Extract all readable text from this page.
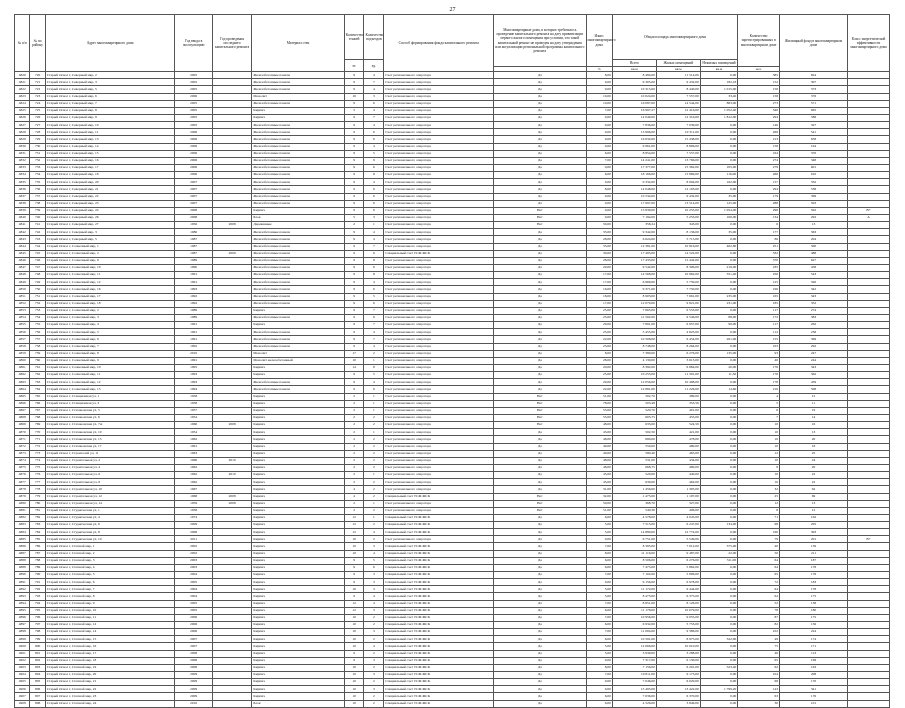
27
№ п/п	№ по району	Адрес многоквартирного дома	Год ввода в эксплуатацию	Год проведения последнего капитального ремонта	Материал стен	Количество этажей	Количество подъездов	Способ формирования фонда капитального ремонта	Многоквартирные дома, в которых требовалось проведение капитального ремонта на дату приватизации первого жилого помещения при условии, что такой капитальный ремонт не проведен на дату утверждения или актуализации региональной программы капитального ремонта	Износ многоквартирного дома	Общая площадь многоквартирного дома			Количество зарегистрированных в многоквартирном доме	Жилищный фонд в многоквартирном доме	Класс энергетической эффективности многоквартирного дома
						эт.	ед.				Всего	Жилых помещений	Нежилых помещений			
										%	кв.м	кв.м	кв.м	чел.		
4820	720	Старый Оскол г, Северный мкр, 2	2005		Железобетонные панели	9	4	Счет регионального оператора	Да	8,00	8 484,00	11 514,00	0,00	385	824	
4821	721	Старый Оскол г, Северный мкр, 3	2005		Железобетонные панели	9	7	Счет регионального оператора	Да	9,00	9 305,00	9 432,00	182,18	152	307	
4822	722	Старый Оскол г, Северный мкр, 5	2005		Железобетонные панели	9	4	Счет регионального оператора	Да	9,00	10 315,00	8 440,00	1 015,00	158	373	
4823	723	Старый Оскол г, Северный мкр, 6	2006		Монолит	16	3	Счет регионального оператора	Да	10,00	10 024,00	7 557,00	33,40	158	376	
4824	724	Старый Оскол г, Северный мкр, 7	2005		Железобетонные панели	9	6	Счет регионального оператора	Да	10,00	16 087,00	14 544,00	883,00	273	571	
4825	725	Старый Оскол г, Северный мкр, 8	2005		Кирпич	5	4	Счет регионального оператора	Да	7,00	16 997,27	12 416,00	1 052,40	340	665	
4826	726	Старый Оскол г, Северный мкр, 9	2005		Кирпич	9	7	Счет регионального оператора	Да	0,00	14 049,00	12 316,00	1 812,00	294	588	
4827	727	Старый Оскол г, Северный мкр, 10	2005		Железобетонные панели	9	4	Счет регионального оператора	Да	9,00	7 836,00	7 039,00	0,00	146	327	
4828	728	Старый Оскол г, Северный мкр, 11	2006		Железобетонные панели	9	6	Счет регионального оператора	Да	0,00	13 996,00	10 311,00	0,00	269	541	
4829	729	Старый Оскол г, Северный мкр, 13	2006		Железобетонные панели	9	6	Счет регионального оператора	Да	9,00	16 632,00	15 438,00	0,00	213	658	
4830	730	Старый Оскол г, Северный мкр, 14	2006		Железобетонные панели	9	4	Счет регионального оператора	Да	0,00	9 961,00	8 806,00	0,00	158	194	
4831	731	Старый Оскол г, Северный мкр, 15	2006		Железобетонные панели	9	5	Счет регионального оператора	Да	6,00	8 854,00	7 557,00	0,00	164	370	
4832	732	Старый Оскол г, Северный мкр, 16	2006		Железобетонные панели	9	9	Счет регионального оператора	Да	7,00	14 241,00	13 766,00	0,00	274	348	
4833	733	Старый Оскол г, Северный мкр, 17	2006		Железобетонные панели	9	6	Счет регионального оператора	Да	0,00	17 377,00	15 362,00	105,00	279	601	
4834	734	Старый Оскол г, Северный мкр, 18	2006		Железобетонные панели	9	8	Счет регионального оператора	Да	6,00	18 166,00	15 869,00	116,00	260	610	
4835	735	Старый Оскол г, Северный мкр, 20	2007		Железобетонные панели	9	4	Счет регионального оператора	Да	0,00	9 332,00	8 004,00	162,00	157	332	
4836	736	Старый Оскол г, Северный мкр, 21	2007		Железобетонные панели	9	6	Счет регионального оператора	Да	8,00	14 048,00	12 103,00	0,00	294	538	
4837	737	Старый Оскол г, Северный мкр, 22	2007		Железобетонные панели	9	6	Счет регионального оператора	Да	0,00	10 534,00	9 432,00	35,00	179	369	
4838	738	Старый Оскол г, Северный мкр, 23	2007		Железобетонные панели	9	6	Счет регионального оператора	Да	0,00	17 697,00	13 514,00	125,00	288	593	
4839	739	Старый Оскол г, Северный мкр, 24	2008		Кирпич	9	6	Счет регионального оператора	Нет	0,00	15 839,00	10 255,00	1 954,00	296	592	В+
4840	740	Старый Оскол г, Северный мкр, 26	2008		Блок	5	3	Счет регионального оператора	Нет	0,00	7 194,00	5 253,00	100,00	134	292	А
4841	741	Старый Оскол г, Северный мкр, 27	1956	2008	Деревянные	2	1	Счет регионального оператора	Нет	50,00	358,24	343,00	0,00	6	13	
4842	742	Старый Оскол г, Северный мкр, 3	1986		Железобетонные панели	9	4	Счет регионального оператора	Да	35,00	9 342,00	8 136,00	35,00	177	363	
4843	743	Старый Оскол г, Северный мкр, 5	1987		Железобетонные панели	9	4	Счет регионального оператора	Да	28,00	6 624,00	5 715,00	0,00	86	204	
4844	744	Старый Оскол г, Солнечный мкр, 1	1987		Железобетонные панели	9	7	Счет регионального оператора	Да	35,00	12 381,00	10 816,00	462,80	251	500	
4845	745	Старый Оскол г, Солнечный мкр, 2	1987	2009	Железобетонные панели	9	6	Специальный счет ТСЖ ЖСК	Да	30,00	17 495,00	14 522,00	0,00	332	488	
4846	746	Старый Оскол г, Солнечный мкр, 6	1989		Железобетонные панели	9	8	Счет регионального оператора	Да	28,00	17 433,00	15 442,00	0,00	370	627	
4847	747	Старый Оскол г, Солнечный мкр, 10	1990		Железобетонные панели	9	6	Счет регионального оператора	Да	20,00	9 542,00	8 306,00	219,00	185	458	
4848	748	Старый Оскол г, Солнечный мкр, 11	1991		Железобетонные панели	9	8	Счет регионального оператора	Да	17,00	14 568,00	10 962,00	351,40	250	543	
4849	749	Старый Оскол г, Солнечный мкр, 12	1991		Железобетонные панели	9	4	Счет регионального оператора	Да	17,00	6 969,00	5 759,00	0,00	125	320	
4850	750	Старый Оскол г, Солнечный мкр, 16	1993		Железобетонные панели	9	6	Счет регионального оператора	Да	16,00	9 371,00	7 750,00	0,00	196	342	
4851	751	Старый Оскол г, Солнечный мкр, 17	1992		Железобетонные панели	9	5	Счет регионального оператора	Да	18,00	8 903,00	7 661,00	235,00	165	343	
4852	752	Старый Оскол г, Солнечный мкр, 18	1992		Железобетонные панели	9	6	Счет регионального оператора	Да	17,00	12 070,00	9 821,00	231,00	185	352	
4853	753	Старый Оскол г, Солнечный мкр, 2	1989		Кирпич	9	7	Счет регионального оператора	Да	25,00	7 665,00	6 553,00	0,00	117	274	
4854	754	Старый Оскол г, Солнечный мкр, 3	1989		Железобетонные панели	9	6	Счет регионального оператора	Да	25,00	11 502,00	9 546,00	88,00	172	383	
4855	755	Старый Оскол г, Солнечный мкр, 4	1991		Кирпич	9	7	Счет регионального оператора	Да	20,00	7 891,00	6 957,00	99,00	117	262	
4856	756	Старый Оскол г, Солнечный мкр, 5	1991		Железобетонные панели	9	4	Счет регионального оператора	Да	25,00	5 455,00	4 825,00	0,00	112	238	
4857	757	Старый Оскол г, Солнечный мкр, 6	1991		Железобетонные панели	9	7	Счет регионального оператора	Да	22,00	10 508,00	9 454,00	261,00	155	369	
4858	758	Старый Оскол г, Солнечный мкр, 7	1992		Железобетонные панели	9	4	Счет регионального оператора	Да	23,00	8 748,00	8 264,00	0,00	163	292	
4859	759	Старый Оскол г, Солнечный мкр, 8	2010		Монолит	17	2	Счет регионального оператора	Да	8,00	7 380,00	6 276,00	135,00	93	247	
4860	760	Старый Оскол г, Солнечный мкр, 9	1991		Монолит железобетонный	10	1	Счет регионального оператора	Да	28,00	4 130,00	3 613,00	0,00	40	244	
4861	761	Старый Оскол г, Солнечный мкр, 10	1995		Кирпич	14	8	Счет регионального оператора	Да	20,00	8 392,00	6 864,00	20,00	176	343	
4862	762	Старый Оскол г, Солнечный мкр, 11	1993		Кирпич	9	5	Счет регионального оператора	Да	25,00	10 253,00	11 301,00	11,30	176	362	
4863	763	Старый Оскол г, Солнечный мкр, 12	1993		Железобетонные панели	9	4	Счет регионального оператора	Да	20,00	12 056,00	10 498,00	0,00	178	459	
4864	764	Старый Оскол г, Солнечный мкр, 15	1994		Железобетонные панели	9	6	Счет регионального оператора	Да	22,00	12 881,00	11 226,00	14,60	216	508	
4865	765	Старый Оскол г, Станционная ул, 1	1958		Кирпич	2	1	Счет регионального оператора	Нет	51,00	502,70	389,00	0,00	4	12	
4866	766	Старый Оскол г, Станционная ул, 3	1958		Кирпич	2	1	Счет регионального оператора	Нет	78,00	503,48	353,56	0,00	5	11	
4867	767	Старый Оскол г, Стахановская ул, 5	1957		Кирпич	2	1	Счет регионального оператора	Нет	53,00	520,70	401,00	0,00	6	19	
4868	768	Старый Оскол г, Стахановская ул, 6	1954		Кирпич	2	2	Счет регионального оператора	Нет	55,00	603,75	455,00	0,00	7	14	
4869	769	Старый Оскол г, Стахановская ул, 7А	1960	2008	Кирпич	2	2	Счет регионального оператора	Нет	48,00	633,00	524,50	0,00	10	16	
4870	770	Старый Оскол г, Стахановская ул, 10	1954		Кирпич	2	1	Счет регионального оператора	Да	45,00	502,50	421,00	0,00	10	13	
4871	771	Старый Оскол г, Стахановская ул, 15	1962		Кирпич	2	2	Счет регионального оператора	Да	48,00	680,00	478,00	0,00	10	20	
4872	772	Старый Оскол г, Стахановская ул, 17	1961		Кирпич	2	2	Счет регионального оператора	Да	49,00	550,00	480,00	0,00	10	18	
4873	773	Старый Оскол г, Строителей ул, 11	1963		Кирпич	2	2	Счет регионального оператора	Да	40,00	580,40	465,00	0,00	12	25	
4874	774	Старый Оскол г, Строительная ул, 2	1960	2010	Кирпич	2	2	Счет регионального оператора	Да	48,00	531,00	434,00	0,00	10	24	
4875	775	Старый Оскол г, Строительная ул, 4	1962		Кирпич	2	2	Счет регионального оператора	Да	48,00	668,75	480,00	0,00	9	20	
4876	776	Старый Оскол г, Строительная ул, 6	1962	2010	Кирпич	2	1	Счет регионального оператора	Да	45,00	520,00	440,00	0,00	10	22	
4877	777	Старый Оскол г, Строительная ул, 8	1962		Кирпич	2	2	Счет регионального оператора	Да	45,00	630,00	462,00	0,00	10	22	
4878	778	Старый Оскол г, Строительная ул, 10	1967		Кирпич	4	2	Счет регионального оператора	Да	31,00	1 456,00	1 305,00	0,00	32	62	
4879	779	Старый Оскол г, Строительная ул, 12	1968	2008	Кирпич	4	2	Специальный счет ТСЖ ЖСК	Нет	32,00	1 475,00	1 197,00	0,00	25	69	
4880	780	Старый Оскол г, Строительная ул, 14	1959	2008	Кирпич	2	1	Счет регионального оператора	Нет	50,00	368,70	327,00	0,00	12	13	
4881	781	Старый Оскол г, Студенческая ул, 1	1958		Кирпич	2	2	Счет регионального оператора	Нет	51,00	540,36	406,00	0,00	8	12	
4882	782	Старый Оскол г, Студенческая ул, 4	1974		Кирпич	12	1	Специальный счет ТСЖ ЖСК	Да	6,00	4 578,00	4 045,00	0,00	71	162	
4883	783	Старый Оскол г, Студенческая ул, 6	2009		Кирпич	12	2	Специальный счет ТСЖ ЖСК	Да	5,00	7 515,00	6 247,00	134,00	98	205	
4884	784	Старый Оскол г, Студенческая ул, 8	2008		Кирпич	12	4	Специальный счет ТСЖ ЖСК	Да	5,00	14 880,00	12 774,00	0,00	190	393	
4885	785	Старый Оскол г, Студенческая ул, 10	2011		Кирпич	10	2	Счет регионального оператора	Да	0,00	6 751,00	5 549,00	0,00	79	201	В+
4886	786	Старый Оскол г, Степной мкр, 1	2002		Кирпич	10	3	Специальный счет ТСЖ ЖСК	Да	7,00	8 395,00	7 012,00	375,00	40	139	
4887	787	Старый Оскол г, Степной мкр, 2	2002		Кирпич	10	4	Специальный счет ТСЖ ЖСК	Да	8,00	11 116,00	9 487,00	22,00	50	211	
4888	788	Старый Оскол г, Степной мкр, 3	2003		Кирпич	9	5	Специальный счет ТСЖ ЖСК	Да	6,00	8 506,00	6 276,00	311,00	64	187	
4889	789	Старый Оскол г, Степной мкр, 4	2003		Кирпич	9	6	Специальный счет ТСЖ ЖСК	Да	6,00	7 475,00	5 862,00	0,00	64	178	
4890	790	Старый Оскол г, Степной мкр, 5	2004		Кирпич	9	3	Специальный счет ТСЖ ЖСК	Да	7,00	7 102,00	5 806,00	0,00	65	176	
4891	791	Старый Оскол г, Степной мкр, 6	2005		Кирпич	9	3	Специальный счет ТСЖ ЖСК	Да	0,00	9 156,00	6 978,00	0,00	72	183	
4892	792	Старый Оскол г, Степной мкр, 7	2004		Кирпич	10	3	Специальный счет ТСЖ ЖСК	Да	5,00	11 172,00	9 444,00	0,00	64	178	
4893	793	Старый Оскол г, Степной мкр, 8	2004		Кирпич	9	4	Специальный счет ТСЖ ЖСК	Да	5,00	8 473,00	6 375,00	0,00	64	175	
4894	794	Старый Оскол г, Степной мкр, 9	2005		Кирпич	12	4	Специальный счет ТСЖ ЖСК	Да	7,00	8 851,00	8 126,00	0,00	52	138	
4895	795	Старый Оскол г, Степной мкр, 10	2005		Кирпич	12	3	Специальный счет ТСЖ ЖСК	Да	6,00	11 178,00	10 079,00	0,00	78	180	
4896	796	Старый Оскол г, Степной мкр, 11	2006		Кирпич	10	2	Специальный счет ТСЖ ЖСК	Да	7,00	10 956,00	9 055,00	0,00	87	175	
4897	797	Старый Оскол г, Степной мкр, 12	2006		Кирпич	10	2	Специальный счет ТСЖ ЖСК	Да	6,00	6 932,00	5 753,00	0,00	82	156	
4898	798	Старый Оскол г, Степной мкр, 14	2006		Кирпич	10	3	Специальный счет ТСЖ ЖСК	Да	7,00	11 004,00	9 386,00	0,00	102	224	
4899	799	Старый Оскол г, Степной мкр, 15	2007		Кирпич	10	2	Специальный счет ТСЖ ЖСК	Да	6,00	10 591,00	8 975,00	322,00	49	174	
4900	800	Старый Оскол г, Степной мкр, 16	2007		Кирпич	10	4	Специальный счет ТСЖ ЖСК	Да	5,00	12 066,00	10 010,00	0,00	75	171	
4901	801	Старый Оскол г, Степной мкр, 17	2008		Кирпич	9	2	Специальный счет ТСЖ ЖСК	Да	5,00	3 939,00	3 288,00	0,00	46	113	
4902	802	Старый Оскол г, Степной мкр, 18	2008		Кирпич	9	3	Специальный счет ТСЖ ЖСК	Да	0,00	7 317,00	6 130,00	0,00	65	169	
4903	803	Старый Оскол г, Степной мкр, 19	2008		Кирпич	10	2	Специальный счет ТСЖ ЖСК	Да	8,00	7 156,00	6 201,00	523,40	62	163	
4904	804	Старый Оскол г, Степной мкр, 20	2009		Кирпич	10	3	Специальный счет ТСЖ ЖСК	Да	7,00	10 811,00	9 173,00	0,00	104	208	
4905	805	Старый Оскол г, Степной мкр, 21	2009		Кирпич	10	2	Специальный счет ТСЖ ЖСК	Да	0,00	7 046,00	6 020,00	0,00	68	170	
4906	806	Старый Оскол г, Степной мкр, 22	2009		Кирпич	10	3	Специальный счет ТСЖ ЖСК	Да	0,00	15 495,00	13 422,00	1 799,20	143	341	
4907	807	Старый Оскол г, Степной мкр, 23	2009		Кирпич	10	2	Специальный счет ТСЖ ЖСК	Да	6,00	7 636,00	6 370,00	0,00	63	176	
4908	808	Старый Оскол г, Степной мкр, 24	2010		Блок	10	2	Специальный счет ТСЖ ЖСК	Да	6,00	4 526,00	3 849,00	0,00	30	101	
